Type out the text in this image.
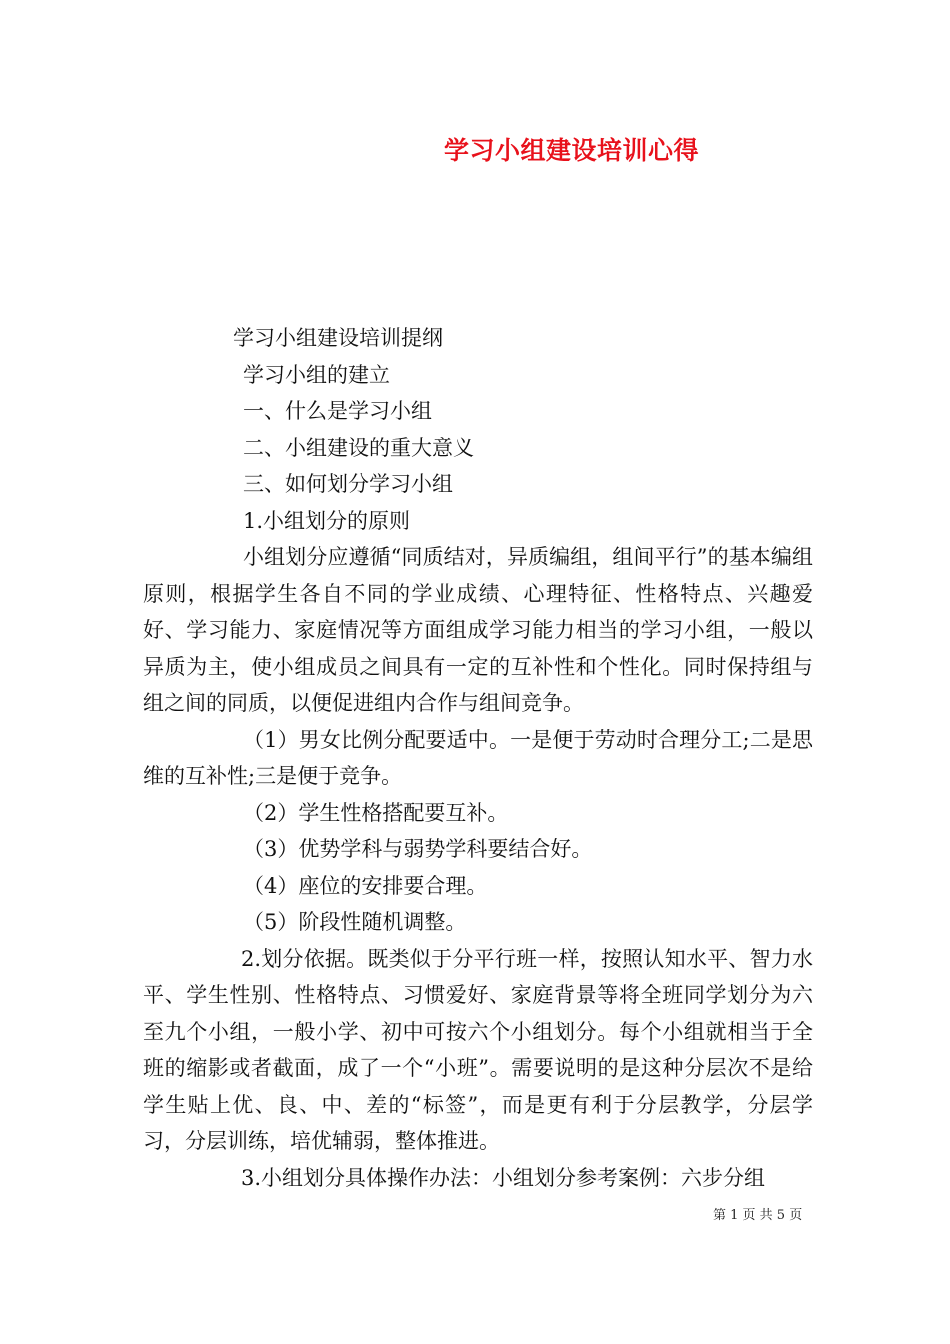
学习小组建设培训心得
学习小组建设培训提纲
学习小组的建立
一、什么是学习小组
二、小组建设的重大意义
三、如何划分学习小组
1.小组划分的原则
小组划分应遵循“同质结对，异质编组，组间平行”的基本编组原则，根据学生各自不同的学业成绩、心理特征、性格特点、兴趣爱好、学习能力、家庭情况等方面组成学习能力相当的学习小组，一般以异质为主，使小组成员之间具有一定的互补性和个性化。同时保持组与组之间的同质，以便促进组内合作与组间竞争。
（1）男女比例分配要适中。一是便于劳动时合理分工;二是思维的互补性;三是便于竞争。
（2）学生性格搭配要互补。
（3）优势学科与弱势学科要结合好。
（4）座位的安排要合理。
（5）阶段性随机调整。
2.划分依据。既类似于分平行班一样，按照认知水平、智力水平、学生性别、性格特点、习惯爱好、家庭背景等将全班同学划分为六至九个小组，一般小学、初中可按六个小组划分。每个小组就相当于全班的缩影或者截面，成了一个“小班”。需要说明的是这种分层次不是给学生贴上优、良、中、差的“标签”，而是更有利于分层教学，分层学习，分层训练，培优辅弱，整体推进。
3.小组划分具体操作办法：小组划分参考案例：六步分组
第 1 页 共 5 页
